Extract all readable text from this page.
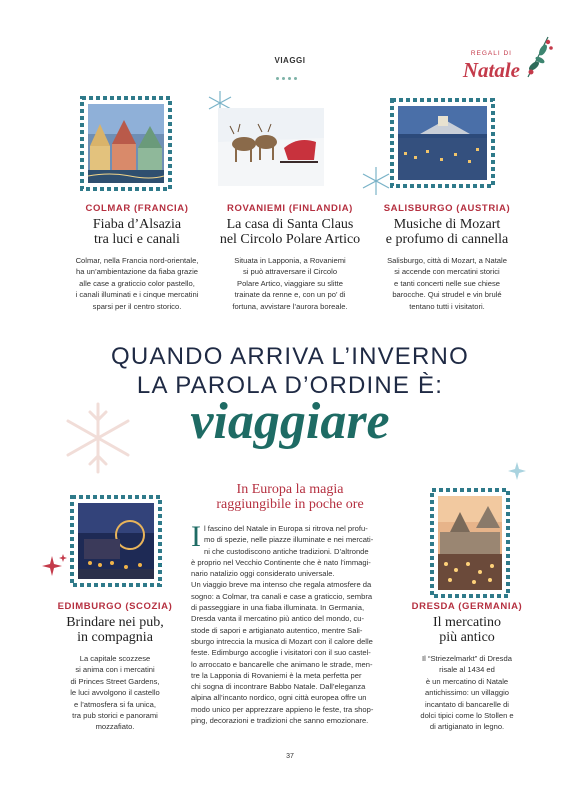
VIAGGI
REGALI DI
Natale
COLMAR (FRANCIA)
Fiaba d’Alsazia
tra luci e canali
Colmar, nella Francia nord-orientale,
ha un’ambientazione da fiaba grazie
alle case a graticcio color pastello,
i canali illuminati e i cinque mercatini
sparsi per il centro storico.
ROVANIEMI (FINLANDIA)
La casa di Santa Claus
nel Circolo Polare Artico
Situata in Lapponia, a Rovaniemi
si può attraversare il Circolo
Polare Artico, viaggiare su slitte
trainate da renne e, con un po’ di
fortuna, avvistare l’aurora boreale.
SALISBURGO (AUSTRIA)
Musiche di Mozart
e profumo di cannella
Salisburgo, città di Mozart, a Natale
si accende con mercatini storici
e tanti concerti nelle sue chiese
barocche. Qui strudel e vin brulé
tentano tutti i visitatori.
QUANDO ARRIVA L’INVERNO
LA PAROLA D’ORDINE È:
viaggiare
In Europa la magia
raggiungibile in poche ore
I l fascino del Natale in Europa si ritrova nel profu-
mo di spezie, nelle piazze illuminate e nei mercati-
ni che custodiscono antiche tradizioni. D’altronde
è proprio nel Vecchio Continente che è nato l’immagi-
nario natalizio oggi considerato universale.
Un viaggio breve ma intenso che regala atmosfere da
sogno: a Colmar, tra canali e case a graticcio, sembra
di passeggiare in una fiaba illuminata. In Germania,
Dresda vanta il mercatino più antico del mondo, cu-
stode di sapori e artigianato autentico, mentre Sali-
sburgo intreccia la musica di Mozart con il calore delle
feste. Edimburgo accoglie i visitatori con il suo castel-
lo arroccato e bancarelle che animano le strade, men-
tre la Lapponia di Rovaniemi è la meta perfetta per
chi sogna di incontrare Babbo Natale. Dall’eleganza
alpina all’incanto nordico, ogni città europea offre un
modo unico per apprezzare appieno le feste, tra shop-
ping, decorazioni e tradizioni che sanno emozionare.
EDIMBURGO (SCOZIA)
Brindare nei pub,
in compagnia
La capitale scozzese
si anima con i mercatini
di Princes Street Gardens,
le luci avvolgono il castello
e l’atmosfera si fa unica,
tra pub storici e panorami
mozzafiato.
DRESDA (GERMANIA)
Il mercatino
più antico
Il “Striezelmarkt” di Dresda
risale al 1434 ed
è un mercatino di Natale
antichissimo: un villaggio
incantato di bancarelle di
dolci tipici come lo Stollen e
di artigianato in legno.
37
